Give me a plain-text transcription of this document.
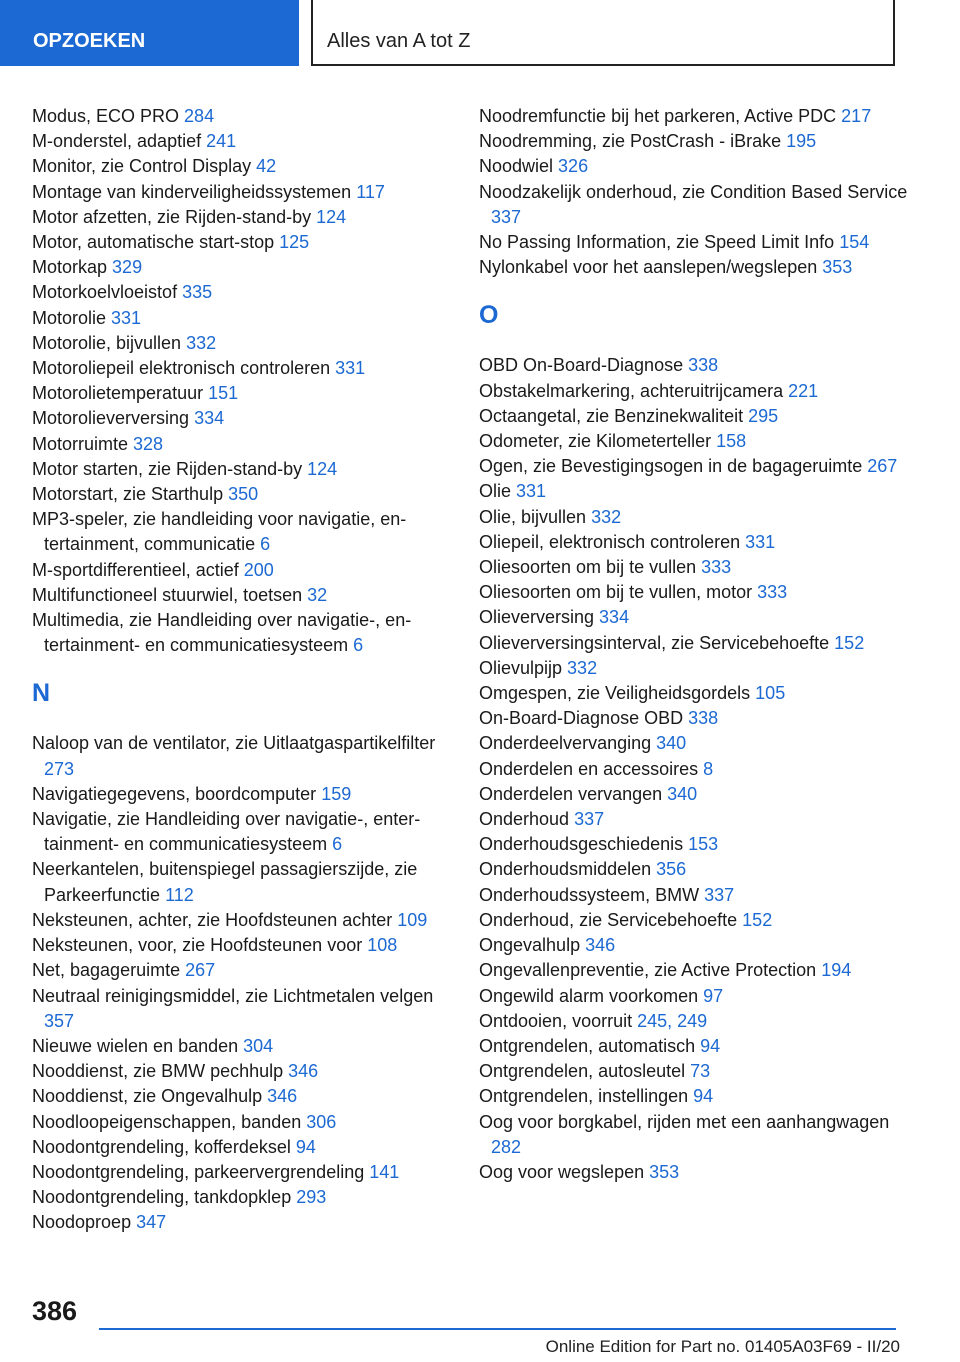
OPZOEKEN	Alles van A tot Z
Modus, ECO PRO 284
M-onderstel, adaptief 241
Monitor, zie Control Display 42
Montage van kinderveiligheidssystemen 117
Motor afzetten, zie Rijden-stand-by 124
Motor, automatische start-stop 125
Motorkap 329
Motorkoelvloeistof 335
Motorolie 331
Motorolie, bijvullen 332
Motoroliepeil elektronisch controleren 331
Motorolietemperatuur 151
Motorolieverversing 334
Motorruimte 328
Motor starten, zie Rijden-stand-by 124
Motorstart, zie Starthulp 350
MP3-speler, zie handleiding voor navigatie, entertainment, communicatie 6
M-sportdifferentieel, actief 200
Multifunctioneel stuurwiel, toetsen 32
Multimedia, zie Handleiding over navigatie-, entertainment- en communicatiesysteem 6
N
Naloop van de ventilator, zie Uitlaatgaspartikelfilter 273
Navigatiegegevens, boordcomputer 159
Navigatie, zie Handleiding over navigatie-, entertainment- en communicatiesysteem 6
Neerkantelen, buitenspiegel passagierszijde, zie Parkeerfunctie 112
Neksteunen, achter, zie Hoofdsteunen achter 109
Neksteunen, voor, zie Hoofdsteunen voor 108
Net, bagageruimte 267
Neutraal reinigingsmiddel, zie Lichtmetalen velgen 357
Nieuwe wielen en banden 304
Nooddienst, zie BMW pechhulp 346
Nooddienst, zie Ongevalhulp 346
Noodloopeigenschappen, banden 306
Noodontgrendeling, kofferdeksel 94
Noodontgrendeling, parkeervergrendeling 141
Noodontgrendeling, tankdopklep 293
Noodoproep 347
Noodremfunctie bij het parkeren, Active PDC 217
Noodremming, zie PostCrash - iBrake 195
Noodwiel 326
Noodzakelijk onderhoud, zie Condition Based Service 337
No Passing Information, zie Speed Limit Info 154
Nylonkabel voor het aanslepen/wegslepen 353
O
OBD On-Board-Diagnose 338
Obstakelmarkering, achteruitrijcamera 221
Octaangetal, zie Benzinekwaliteit 295
Odometer, zie Kilometerteller 158
Ogen, zie Bevestigingsogen in de bagageruimte 267
Olie 331
Olie, bijvullen 332
Oliepeil, elektronisch controleren 331
Oliesoorten om bij te vullen 333
Oliesoorten om bij te vullen, motor 333
Olieverversing 334
Olieverversingsinterval, zie Servicebehoefte 152
Olievulpijp 332
Omgespen, zie Veiligheidsgordels 105
On-Board-Diagnose OBD 338
Onderdeelvervanging 340
Onderdelen en accessoires 8
Onderdelen vervangen 340
Onderhoud 337
Onderhoudsgeschiedenis 153
Onderhoudsmiddelen 356
Onderhoudssysteem, BMW 337
Onderhoud, zie Servicebehoefte 152
Ongevalhulp 346
Ongevallenpreventie, zie Active Protection 194
Ongewild alarm voorkomen 97
Ontdooien, voorruit 245, 249
Ontgrendelen, automatisch 94
Ontgrendelen, autosleutel 73
Ontgrendelen, instellingen 94
Oog voor borgkabel, rijden met een aanhangwagen 282
Oog voor wegslepen 353
386
Online Edition for Part no. 01405A03F69 - II/20
